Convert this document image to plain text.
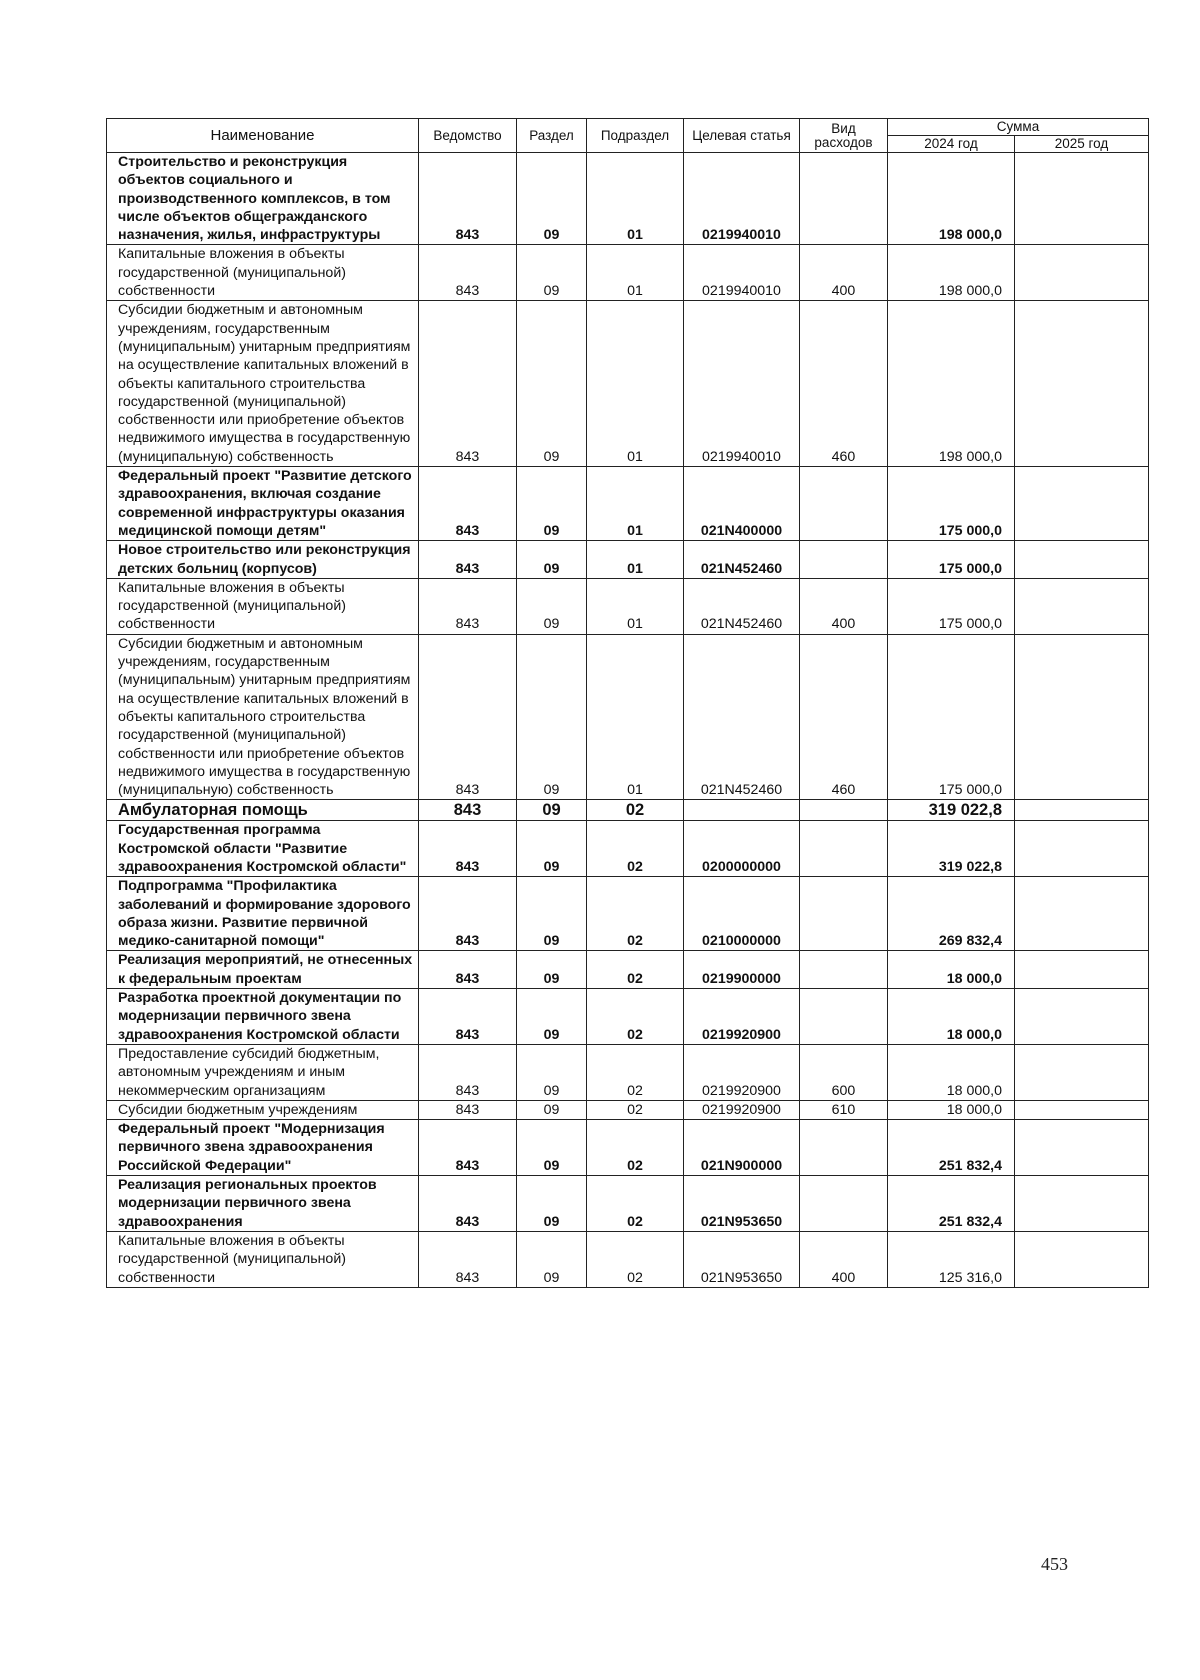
Наименование	Ведомство	Раздел	Подраздел	Целевая статья	Вид расходов	Сумма	
						2024 год	2025 год
Строительство и реконструкция объектов социального и производственного комплексов, в том числе объектов общегражданского назначения, жилья, инфраструктуры	843	09	01	0219940010		198 000,0	
Капитальные вложения в объекты государственной (муниципальной) собственности	843	09	01	0219940010	400	198 000,0	
Субсидии бюджетным и автономным учреждениям, государственным (муниципальным) унитарным предприятиям на осуществление капитальных вложений в объекты капитального строительства государственной (муниципальной) собственности или приобретение объектов недвижимого имущества в государственную (муниципальную) собственность	843	09	01	0219940010	460	198 000,0	
Федеральный проект "Развитие детского здравоохранения, включая создание современной инфраструктуры оказания медицинской помощи детям"	843	09	01	021N400000		175 000,0	
Новое строительство или реконструкция детских больниц (корпусов)	843	09	01	021N452460		175 000,0	
Капитальные вложения в объекты государственной (муниципальной) собственности	843	09	01	021N452460	400	175 000,0	
Субсидии бюджетным и автономным учреждениям, государственным (муниципальным) унитарным предприятиям на осуществление капитальных вложений в объекты капитального строительства государственной (муниципальной) собственности или приобретение объектов недвижимого имущества в государственную (муниципальную) собственность	843	09	01	021N452460	460	175 000,0	
Амбулаторная помощь	843	09	02			319 022,8	
Государственная программа Костромской области "Развитие здравоохранения Костромской области"	843	09	02	0200000000		319 022,8	
Подпрограмма "Профилактика заболеваний и формирование здорового образа жизни. Развитие первичной медико-санитарной помощи"	843	09	02	0210000000		269 832,4	
Реализация мероприятий, не отнесенных к федеральным проектам	843	09	02	0219900000		18 000,0	
Разработка проектной документации по модернизации первичного звена здравоохранения Костромской области	843	09	02	0219920900		18 000,0	
Предоставление субсидий бюджетным, автономным учреждениям и иным некоммерческим организациям	843	09	02	0219920900	600	18 000,0	
Субсидии бюджетным учреждениям	843	09	02	0219920900	610	18 000,0	
Федеральный проект "Модернизация первичного звена здравоохранения Российской Федерации"	843	09	02	021N900000		251 832,4	
Реализация региональных проектов модернизации первичного звена здравоохранения	843	09	02	021N953650		251 832,4	
Капитальные вложения в объекты государственной (муниципальной) собственности	843	09	02	021N953650	400	125 316,0	
453
